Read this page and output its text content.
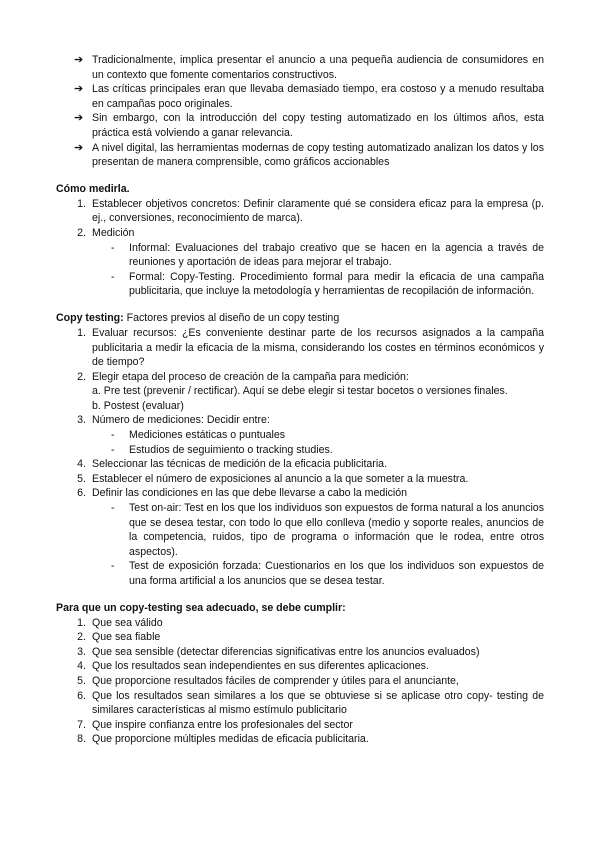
➔ Tradicionalmente, implica presentar el anuncio a una pequeña audiencia de consumidores en un contexto que fomente comentarios constructivos.
➔ Las críticas principales eran que llevaba demasiado tiempo, era costoso y a menudo resultaba en campañas poco originales.
➔ Sin embargo, con la introducción del copy testing automatizado en los últimos años, esta práctica está volviendo a ganar relevancia.
➔ A nivel digital, las herramientas modernas de copy testing automatizado analizan los datos y los presentan de manera comprensible, como gráficos accionables
Cómo medirla.
1. Establecer objetivos concretos: Definir claramente qué se considera eficaz para la empresa (p. ej., conversiones, reconocimiento de marca).
2. Medición
- Informal: Evaluaciones del trabajo creativo que se hacen en la agencia a través de reuniones y aportación de ideas para mejorar el trabajo.
- Formal: Copy-Testing. Procedimiento formal para medir la eficacia de una campaña publicitaria, que incluye la metodología y herramientas de recopilación de información.
Copy testing: Factores previos al diseño de un copy testing
1. Evaluar recursos: ¿Es conveniente destinar parte de los recursos asignados a la campaña publicitaria a medir la eficacia de la misma, considerando los costes en términos económicos y de tiempo?
2. Elegir etapa del proceso de creación de la campaña para medición:
a. Pre test (prevenir / rectificar). Aquí se debe elegir si testar bocetos o versiones finales.
b. Postest (evaluar)
3. Número de mediciones: Decidir entre:
- Mediciones estáticas o puntuales
- Estudios de seguimiento o tracking studies.
4. Seleccionar las técnicas de medición de la eficacia publicitaria.
5. Establecer el número de exposiciones al anuncio a la que someter a la muestra.
6. Definir las condiciones en las que debe llevarse a cabo la medición
- Test on-air: Test en los que los individuos son expuestos de forma natural a los anuncios que se desea testar, con todo lo que ello conlleva (medio y soporte reales, anuncios de la competencia, ruidos, tipo de programa o información que le rodea, entre otros aspectos).
- Test de exposición forzada: Cuestionarios en los que los individuos son expuestos de una forma artificial a los anuncios que se desea testar.
Para que un copy-testing sea adecuado, se debe cumplir:
1. Que sea válido
2. Que sea fiable
3. Que sea sensible (detectar diferencias significativas entre los anuncios evaluados)
4. Que los resultados sean independientes en sus diferentes aplicaciones.
5. Que proporcione resultados fáciles de comprender y útiles para el anunciante,
6. Que los resultados sean similares a los que se obtuviese si se aplicase otro copy- testing de similares características al mismo estímulo publicitario
7. Que inspire confianza entre los profesionales del sector
8. Que proporcione múltiples medidas de eficacia publicitaria.
